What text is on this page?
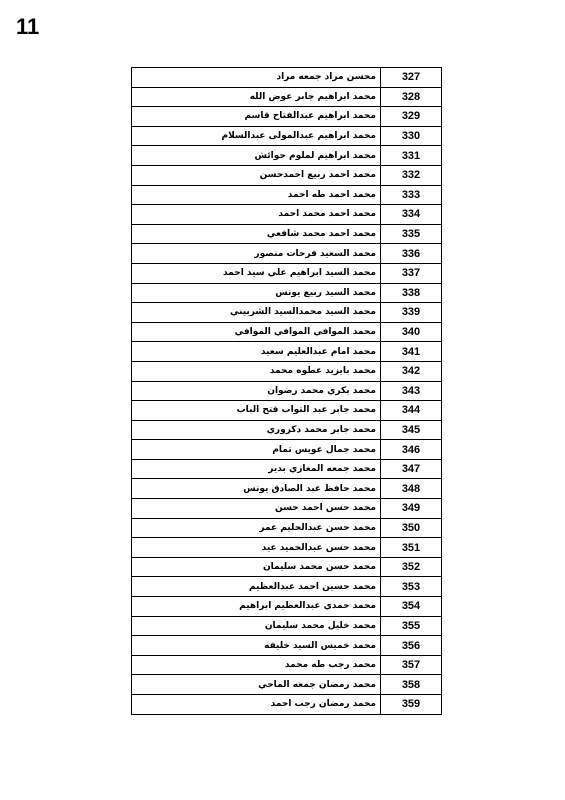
11
محسن مراد جمعه مراد	327
محمد ابراهيم جابر عوض الله	328
محمد ابراهيم عبدالفتاح قاسم	329
محمد ابراهيم عبدالمولى عبدالسلام	330
محمد ابراهيم لملوم حوائش	331
محمد احمد ربيع احمدحسن	332
محمد احمد طه احمد	333
محمد احمد محمد احمد	334
محمد احمد محمد شافعي	335
محمد السعيد فرحات منصور	336
محمد السيد ابراهيم علي سيد احمد	337
محمد السيد ربيع يونس	338
محمد السيد محمدالسيد الشربيني	339
محمد الموافي الموافي الموافي	340
محمد امام عبدالعليم سعيد	341
محمد بايزيد عطوه محمد	342
محمد بكري محمد رضوان	343
محمد جابر عبد التواب فتح الباب	344
محمد جابر محمد دكروري	345
محمد جمال عويس تمام	346
محمد جمعه المغازي بدير	347
محمد حافظ عبد الصادق يونس	348
محمد حسن احمد حسن	349
محمد حسن عبدالحليم عمر	350
محمد حسن عبدالحميد عيد	351
محمد حسن محمد سليمان	352
محمد حسين احمد عبدالعظيم	353
محمد حمدي عبدالعظيم ابراهيم	354
محمد خليل محمد سليمان	355
محمد خميس السيد خليفه	356
محمد رجب طه محمد	357
محمد رمضان جمعه الماحي	358
محمد رمضان رجب احمد	359
